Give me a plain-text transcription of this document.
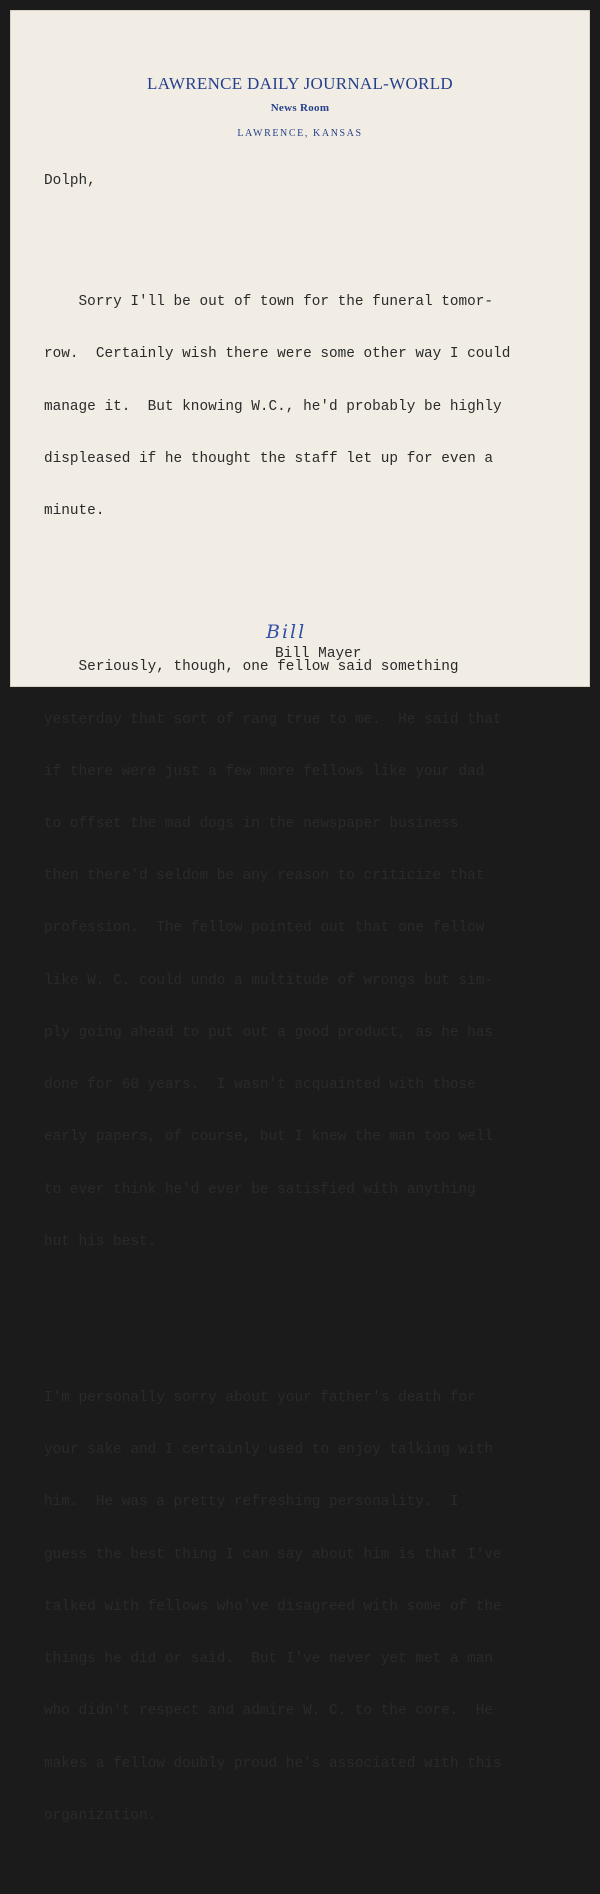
LAWRENCE DAILY JOURNAL-WORLD
News Room
LAWRENCE, KANSAS

Dolph,

Sorry I'll be out of town for the funeral tomor-

row.  Certainly wish there were some other way I could

manage it.  But knowing W.C., he'd probably be highly

displeased if he thought the staff let up for even a

minute.

Seriously, though, one fellow said something

yesterday that sort of rang true to me.  He said that

if there were just a few more fellows like your dad

to offset the mad dogs in the newspaper business

then there'd seldom be any reason to criticize that

profession.  The fellow pointed out that one fellow

like W. C. could undo a multitude of wrongs but sim-

ply going ahead to put out a good product, as he has

done for 60 years.  I wasn't acquainted with those

early papers, of course, but I knew the man too well

to ever think he'd ever be satisfied with anything

but his best.

I'm personally sorry about your father's death for

your sake and I certainly used to enjoy talking with

him.  He was a pretty refreshing personality.  I

guess the best thing I can say about him is that I've

talked with fellows who've disagreed with some of the

things he did or said.  But I've never yet met a man

who didn't respect and admire W. C. to the core.  He

makes a fellow doubly proud he's associated with this

organization.

Bill
Bill Mayer
